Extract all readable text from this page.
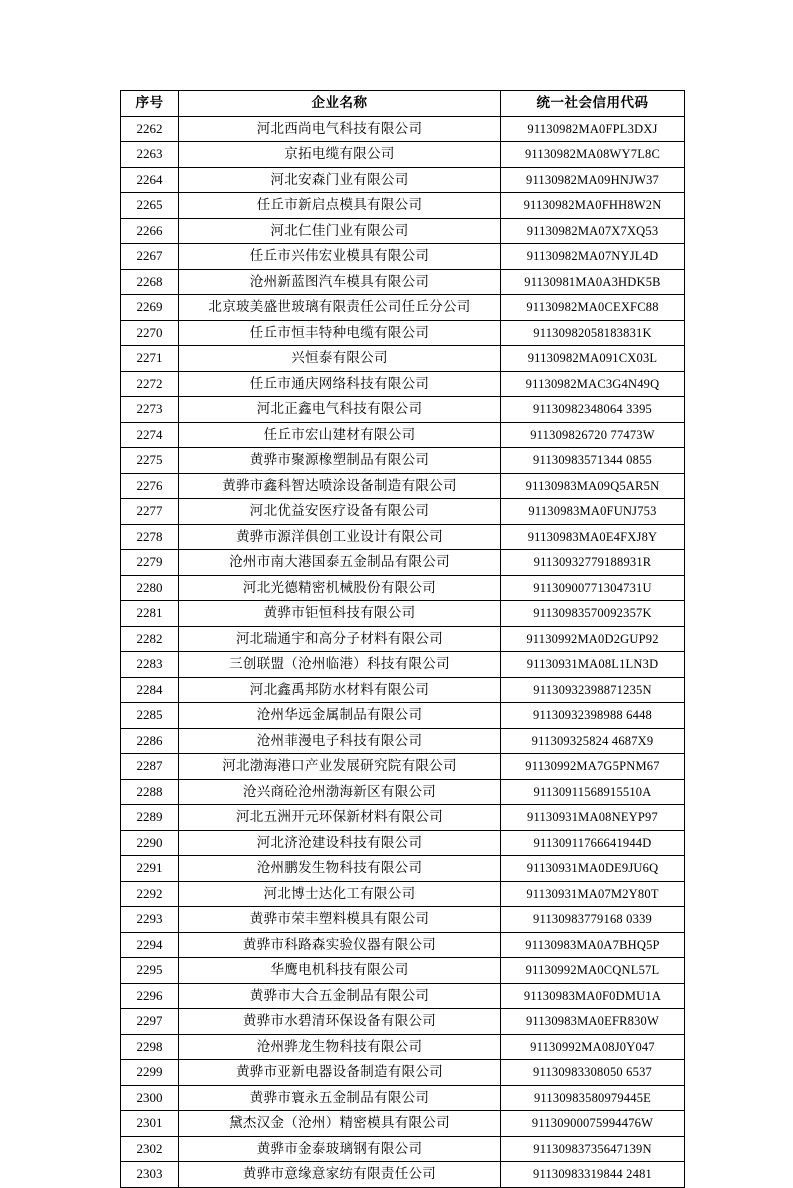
序号	企业名称	统一社会信用代码
2262	河北西尚电气科技有限公司	91130982MA0FPL3DXJ
2263	京拓电缆有限公司	91130982MA08WY7L8C
2264	河北安森门业有限公司	91130982MA09HNJW37
2265	任丘市新启点模具有限公司	91130982MA0FHH8W2N
2266	河北仁佳门业有限公司	91130982MA07X7XQ53
2267	任丘市兴伟宏业模具有限公司	91130982MA07NYJL4D
2268	沧州新蓝图汽车模具有限公司	91130981MA0A3HDK5B
2269	北京玻美盛世玻璃有限责任公司任丘分公司	91130982MA0CEXFC88
2270	任丘市恒丰特种电缆有限公司	91130982058183831K
2271	兴恒泰有限公司	91130982MA091CX03L
2272	任丘市通庆网络科技有限公司	91130982MAC3G4N49Q
2273	河北正鑫电气科技有限公司	91130982348064 3395
2274	任丘市宏山建材有限公司	911309826720 77473W
2275	黄骅市聚源橡塑制品有限公司	91130983571344 0855
2276	黄骅市鑫科智达喷涂设备制造有限公司	91130983MA09Q5AR5N
2277	河北优益安医疗设备有限公司	91130983MA0FUNJ753
2278	黄骅市源洋俱创工业设计有限公司	91130983MA0E4FXJ8Y
2279	沧州市南大港国泰五金制品有限公司	91130932779188931R
2280	河北光德精密机械股份有限公司	91130900771304731U
2281	黄骅市钜恒科技有限公司	91130983570092357K
2282	河北瑞通宇和高分子材料有限公司	91130992MA0D2GUP92
2283	三创联盟（沧州临港）科技有限公司	91130931MA08L1LN3D
2284	河北鑫禹邦防水材料有限公司	91130932398871235N
2285	沧州华远金属制品有限公司	91130932398988 6448
2286	沧州菲漫电子科技有限公司	911309325824 4687X9
2287	河北渤海港口产业发展研究院有限公司	91130992MA7G5PNM67
2288	沧兴商砼沧州渤海新区有限公司	91130911568915510A
2289	河北五洲开元环保新材料有限公司	91130931MA08NEYP97
2290	河北济沧建设科技有限公司	91130911766641944D
2291	沧州鹏发生物科技有限公司	91130931MA0DE9JU6Q
2292	河北博士达化工有限公司	91130931MA07M2Y80T
2293	黄骅市荣丰塑料模具有限公司	91130983779168 0339
2294	黄骅市科路森实验仪器有限公司	91130983MA0A7BHQ5P
2295	华鹰电机科技有限公司	91130992MA0CQNL57L
2296	黄骅市大合五金制品有限公司	91130983MA0F0DMU1A
2297	黄骅市水碧清环保设备有限公司	91130983MA0EFR830W
2298	沧州骅龙生物科技有限公司	91130992MA08J0Y047
2299	黄骅市亚新电器设备制造有限公司	91130983308050 6537
2300	黄骅市寰永五金制品有限公司	91130983580979445E
2301	黛杰汉金（沧州）精密模具有限公司	91130900075994476W
2302	黄骅市金泰玻璃钢有限公司	91130983735647139N
2303	黄骅市意缘意家纺有限责任公司	91130983319844 2481
